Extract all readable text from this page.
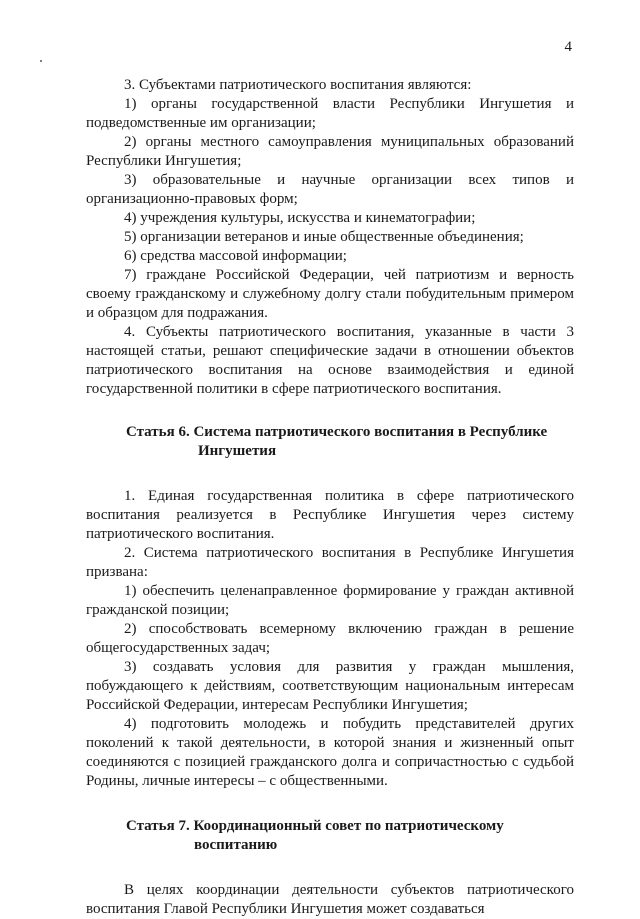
4

3. Субъектами патриотического воспитания являются:

1) органы государственной власти Республики Ингушетия и подведомственные им организации;

2) органы местного самоуправления муниципальных образований Республики Ингушетия;

3) образовательные и научные организации всех типов и организационно-правовых форм;

4) учреждения культуры, искусства и кинематографии;

5) организации ветеранов и иные общественные объединения;

6) средства массовой информации;

7) граждане Российской Федерации, чей патриотизм и верность своему гражданскому и служебному долгу стали побудительным примером и образцом для подражания.

4. Субъекты патриотического воспитания, указанные в части 3 настоящей статьи, решают специфические задачи в отношении объектов патриотического воспитания на основе взаимодействия и единой государственной политики в сфере патриотического воспитания.

Статья 6. Система патриотического воспитания в Республике
Ингушетия

1. Единая государственная политика в сфере патриотического воспитания реализуется в Республике Ингушетия через систему патриотического воспитания.

2. Система патриотического воспитания в Республике Ингушетия призвана:

1) обеспечить целенаправленное формирование у граждан активной гражданской позиции;

2) способствовать всемерному включению граждан в решение общегосударственных задач;

3) создавать условия для развития у граждан мышления, побуждающего к действиям, соответствующим национальным интересам Российской Федерации, интересам Республики Ингушетия;

4) подготовить молодежь и побудить представителей других поколений к такой деятельности, в которой знания и жизненный опыт соединяются с позицией гражданского долга и сопричастностью с судьбой Родины, личные интересы – с общественными.

Статья 7. Координационный совет по патриотическому
воспитанию

В целях координации деятельности субъектов патриотического воспитания Главой Республики Ингушетия может создаваться
